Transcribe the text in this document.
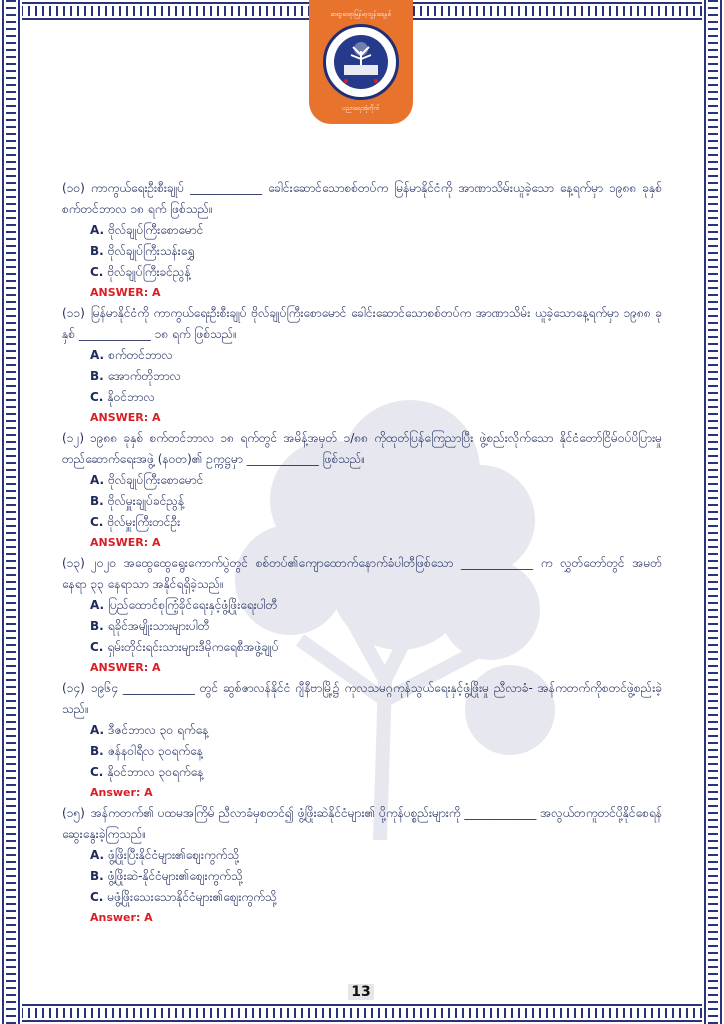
ဆရာ့ဆရာမြန်မာ့ထွန်းရေနစ်
ပညာရေးအုံတိုက်
(၁၀) ကာကွယ်ရေးဦးစီးချုပ် ____________ ခေါင်းဆောင်သောစစ်တပ်က မြန်မာနိုင်ငံကို အာဏာသိမ်းယူခဲ့သော နေ့ရက်မှာ ၁၉၈၈ ခုနှစ် စက်တင်ဘာလ ၁၈ ရက် ဖြစ်သည်။
A. ဗိုလ်ချုပ်ကြီးစောမောင်
B. ဗိုလ်ချုပ်ကြီးသန်းရွှေ
C. ဗိုလ်ချုပ်ကြီးခင်ညွန့်
ANSWER: A
(၁၁) မြန်မာနိုင်ငံကို ကာကွယ်ရေးဦးစီးချုပ် ဗိုလ်ချုပ်ကြီးစောမောင် ခေါင်းဆောင်သောစစ်တပ်က အာဏာသိမ်း ယူခဲ့သောနေ့ရက်မှာ ၁၉၈၈ ခုနှစ် ____________ ၁၈ ရက် ဖြစ်သည်။
A. စက်တင်ဘာလ
B. အောက်တိုဘာလ
C. နိုဝင်ဘာလ
ANSWER: A
(၁၂) ၁၉၈၈ ခုနှစ် စက်တင်ဘာလ ၁၈ ရက်တွင် အမိန့်အမှတ် ၁/၈၈ ကိုထုတ်ပြန်ကြေညာပြီး ဖွဲ့စည်းလိုက်သော နိုင်ငံတော်ငြိမ်ဝပ်ပိပြားမှုတည်ဆောက်ရေးအဖွဲ့ (နဝတ)၏ ဥက္ကဋ္ဌမှာ ____________ ဖြစ်သည်။
A. ဗိုလ်ချုပ်ကြီးစောမောင်
B. ဗိုလ်မှူးချုပ်ခင်ညွန့်
C. ဗိုလ်မှူးကြီးတင်ဦး
ANSWER: A
(၁၃) ၂၀၂၀ အထွေထွေရွေးကောက်ပွဲတွင် စစ်တပ်၏ကျောထောက်နောက်ခံပါတီဖြစ်သော ____________ က လွှတ်တော်တွင် အမတ်နေရာ ၃၃ နေရာသာ အနိုင်ရရှိခဲ့သည်။
A. ပြည်ထောင်စုကြံ့ခိုင်ရေးနှင့်ဖွံ့ဖြိုးရေးပါတီ
B. ရခိုင်အမျိုးသားများပါတီ
C. ရှမ်းတိုင်းရင်းသားများဒီမိုကရေစီအဖွဲ့ချုပ်
ANSWER: A
(၁၄) ၁၉၆၄ ____________ တွင် ဆွစ်ဇာလန်နိုင်ငံ ဂျီနီဗာမြို့၌ ကုလသမဂ္ဂကုန်သွယ်ရေးနှင့်ဖွံ့ဖြိုးမှု ညီလာခံ- အန်ကတက်ကိုစတင်ဖွဲ့စည်းခဲ့သည်။
A. ဒီဇင်ဘာလ ၃၀ ရက်နေ့
B. ဇန်နဝါရီလ ၃၀ရက်နေ့
C. နိုဝင်ဘာလ ၃၀ရက်နေ့
Answer: A
(၁၅) အန်ကတက်၏ ပထမအကြိမ် ညီလာခံမှစတင်၍ ဖွံ့ဖြိုးဆဲနိုင်ငံများ၏ ပို့ကုန်ပစ္စည်းများကို ____________ အလွယ်တကူတင်ပို့နိုင်စေရန် ဆွေးနွေးခဲ့ကြသည်။
A. ဖွံ့ဖြိုးပြီးနိုင်ငံများ၏စျေးကွက်သို့
B. ဖွံ့ဖြိုးဆဲ-နိုင်ငံများ၏စျေးကွက်သို့
C. မဖွံ့ဖြိုးသေးသောနိုင်ငံများ၏စျေးကွက်သို့
Answer: A
13
